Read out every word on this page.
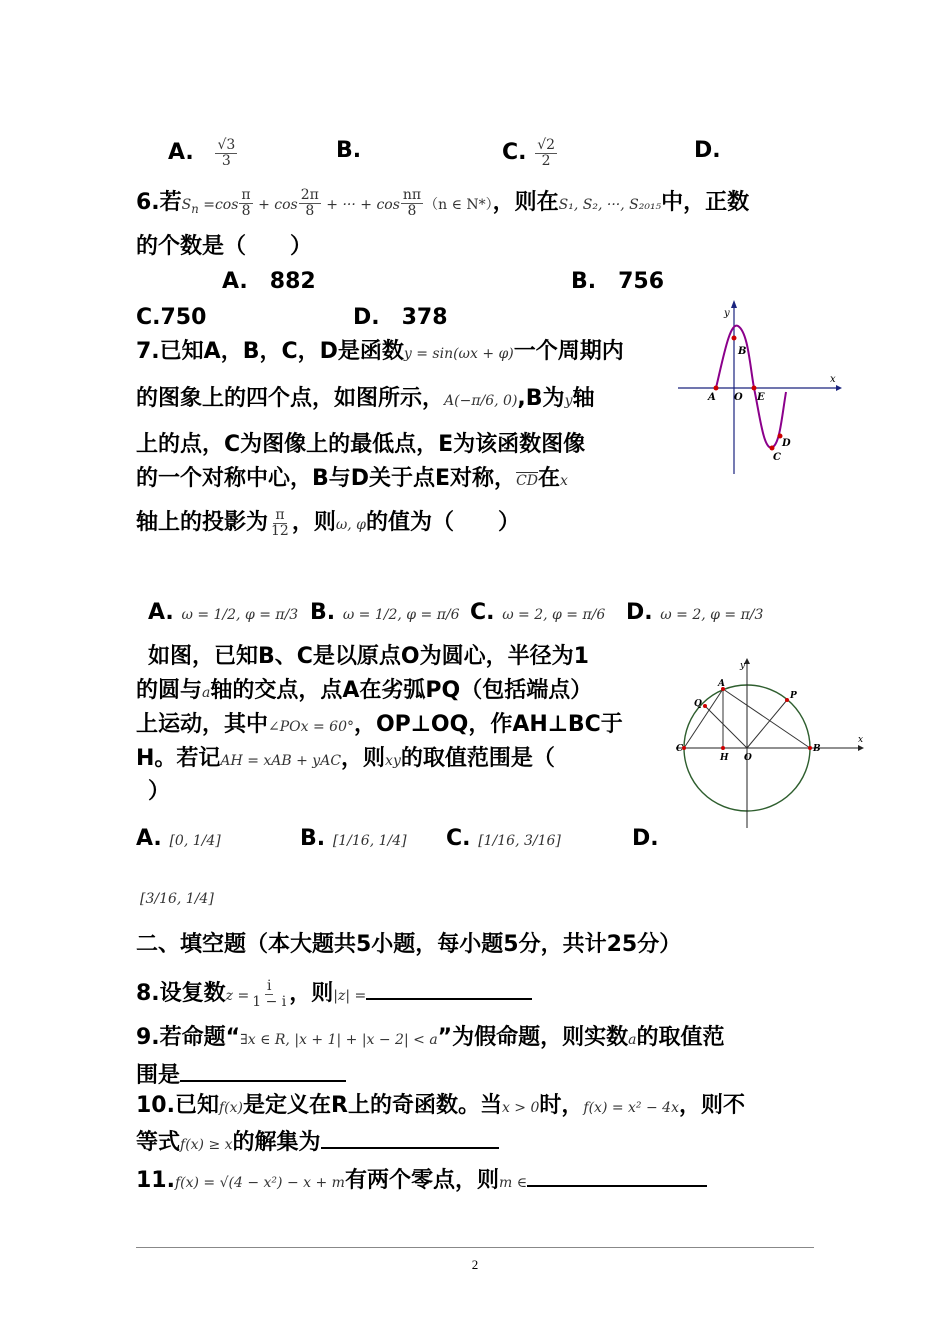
A. $\frac{√3}{3}$	B.	C. $\frac{√2}{2}$	D.
6.若$S_n =\cos \frac{\pi}{8} + \cos \frac{2\pi}{8}$ + ··· + $\cos \frac{n\pi}{8} (n$ ∈ N*），则在S₁, S₂, ···, S₂₀₁₅中，正数
的个数是（　　）
A.　882	B.　756
C.750	D.　378
7.已知A，B，C，D是函数y = sin(ωx + φ)一个周期内
的图象上的四个点，如图所示，A(−π/6, 0),B为y轴
上的点，C为图像上的最低点，E为该函数图像
的一个对称中心，B与D关于点E对称，$\overline{CD}$在x
轴上的投影为 $\frac{\pi}{12}$ ，则ω, φ的值为（　　）
A. ω = 1/2, φ = π/3 B. ω = 1/2, φ = π/6 C. ω = 2, φ = π/6 D. ω = 2, φ = π/3
y
x
A
B
O E
D
C
如图，已知B、C是以原点O为圆心，半径为1
的圆与a轴的交点，点A在劣弧PQ（包括端点）
上运动，其中∠POx = 60°，OP⊥OQ，作AH⊥BC于
H。若记AH = xAB + yAC，则xy的取值范围是（
）
A. [0, 1/4]	B. [1/16, 1/4] C. [1/16, 3/16]	D.
[3/16, 1/4]
y
x
A
P
Q
C
H O
B
二、填空题（本大题共5小题，每小题5分，共计25分）
8.设复数$z = \frac{i}{1 - i}$ ，则|z| =
9.若命题“∃x ∈ R, |x + 1| + |x − 2| < a”为假命题，则实数a的取值范
围是
10.已知f(x)是定义在R上的奇函数。当x > 0时，f(x) = x² − 4x，则不
等式f(x) ≥ x的解集为
11.f(x) = √(4 − x²) − x + m有两个零点，则m ∈
2
